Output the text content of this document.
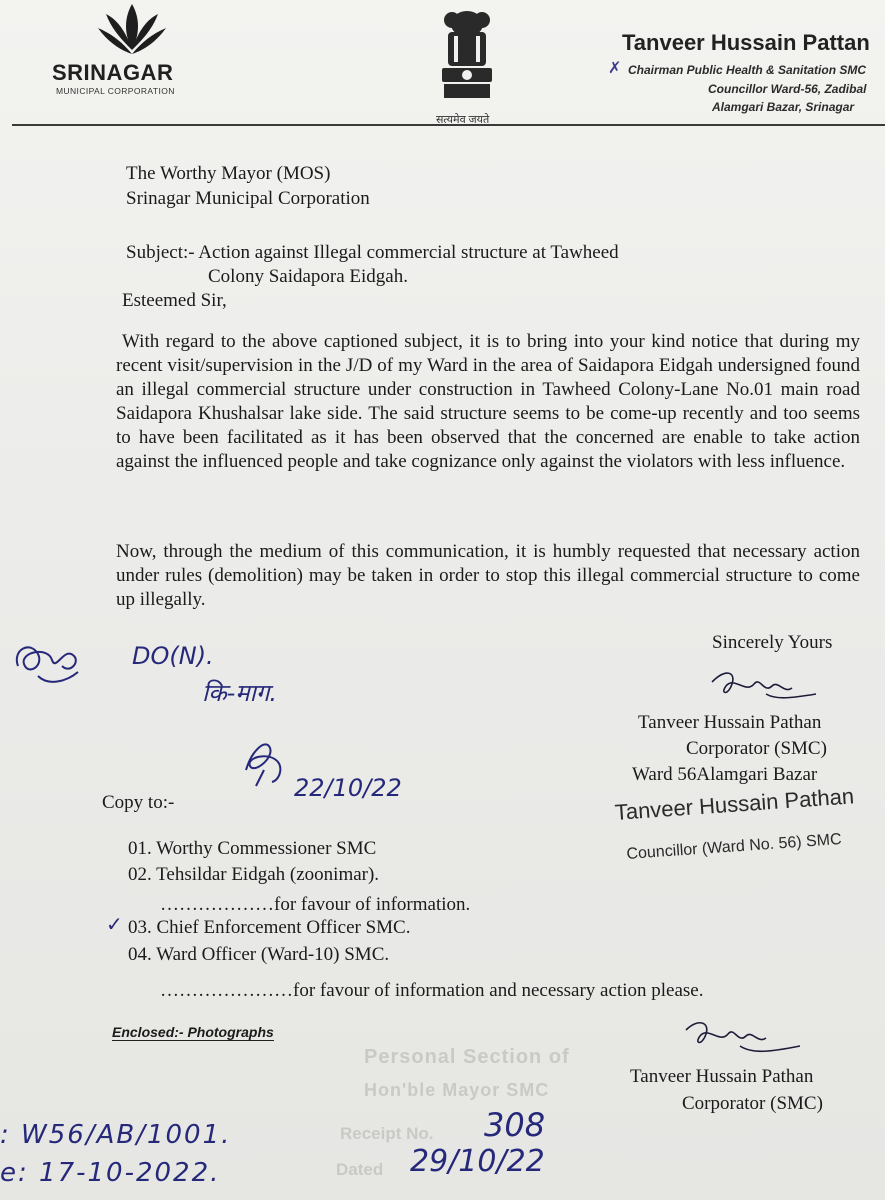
SRINAGAR
MUNICIPAL CORPORATION
सत्यमेव जयते
Tanveer Hussain Pattan
✗ Chairman Public Health & Sanitation SMC
Councillor Ward-56, Zadibal
Alamgari Bazar, Srinagar
The Worthy Mayor (MOS)
Srinagar Municipal Corporation
Subject:- Action against Illegal commercial structure at Tawheed
Colony Saidapora Eidgah.
Esteemed Sir,
With regard to the above captioned subject, it is to bring into your kind notice that during my recent visit/supervision in the J/D of my Ward in the area of Saidapora Eidgah undersigned found an illegal commercial structure under construction in Tawheed Colony-Lane No.01 main road Saidapora Khushalsar lake side. The said structure seems to be come-up recently and too seems to have been facilitated as it has been observed that the concerned are enable to take action against the influenced people and take cognizance only against the violators with less influence.
Now, through the medium of this communication, it is humbly requested that necessary action under rules (demolition) may be taken in order to stop this illegal commercial structure to come up illegally.
Sincerely Yours
Tanveer Hussain Pathan
Corporator (SMC)
Ward 56Alamgari Bazar
Tanveer Hussain Pathan
Councillor (Ward No. 56) SMC
DO(N).
कि-माग.
22/10/22
Copy to:-
01. Worthy Commessioner SMC
02. Tehsildar Eidgah (zoonimar).
………………for favour of information.
03. Chief Enforcement Officer SMC.
✓
04. Ward Officer (Ward-10) SMC.
…………………for favour of information and necessary action please.
Enclosed:- Photographs
Personal Section of
Hon'ble Mayor SMC
Receipt No. 308
Dated 29/10/22
Tanveer Hussain Pathan
Corporator (SMC)
: W56/AB/1001.
e: 17-10-2022.
